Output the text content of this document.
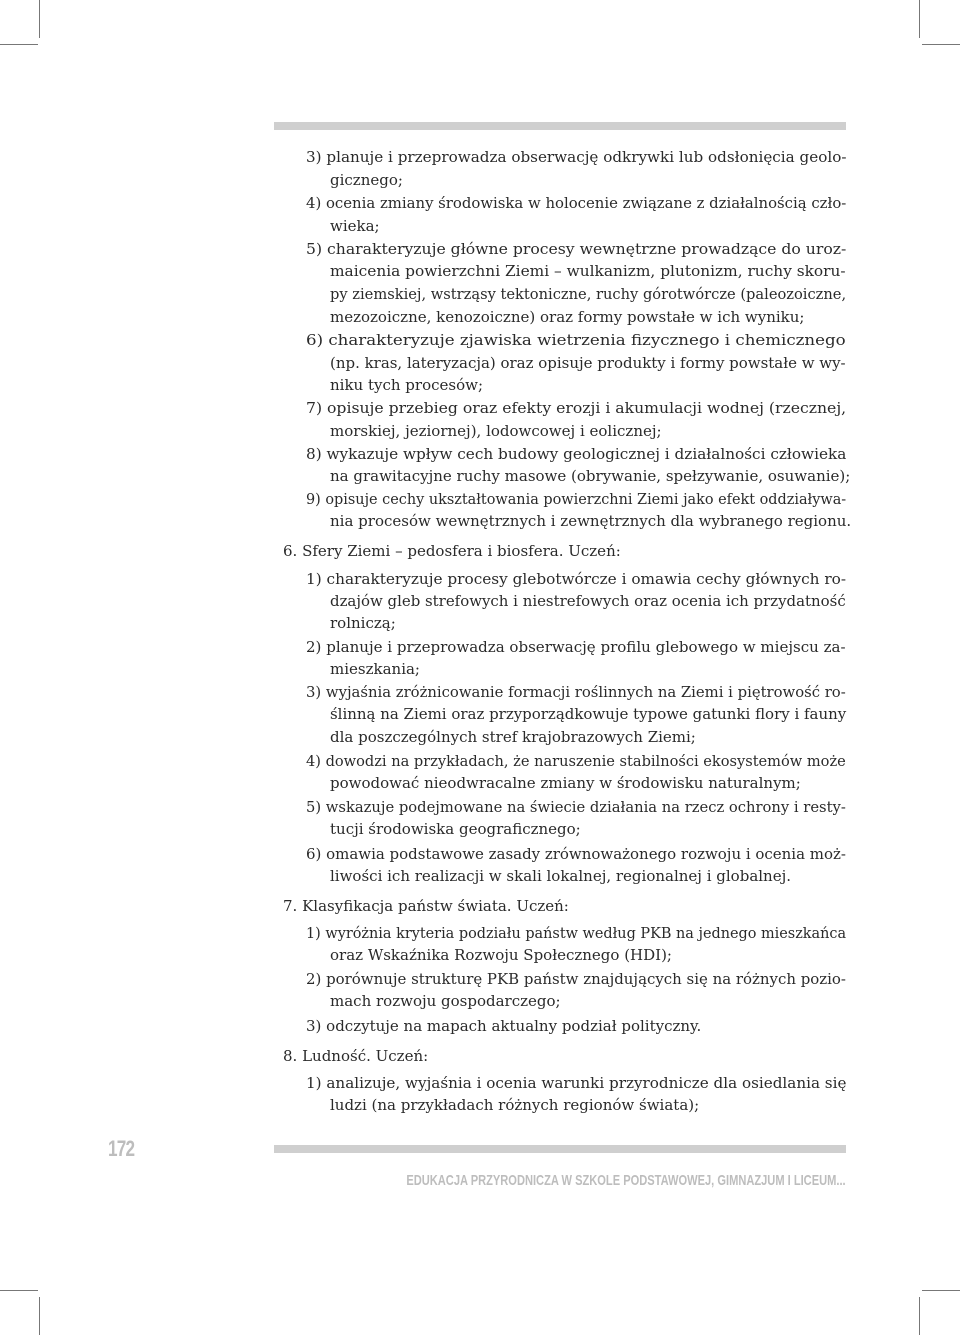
3) planuje i przeprowadza obserwację odkrywki lub odsłonięcia geolo-
gicznego;
4) ocenia zmiany środowiska w holocenie związane z działalnością czło-
wieka;
5) charakteryzuje główne procesy wewnętrzne prowadzące do uroz-
maicenia powierzchni Ziemi – wulkanizm, plutonizm, ruchy skoru-
py ziemskiej, wstrząsy tektoniczne, ruchy górotwórcze (paleozoiczne,
mezozoiczne, kenozoiczne) oraz formy powstałe w ich wyniku;
6) charakteryzuje zjawiska wietrzenia fizycznego i chemicznego
(np. kras, lateryzacja) oraz opisuje produkty i formy powstałe w wy-
niku tych procesów;
7) opisuje przebieg oraz efekty erozji i akumulacji wodnej (rzecznej,
morskiej, jeziornej), lodowcowej i eolicznej;
8) wykazuje wpływ cech budowy geologicznej i działalności człowieka
na grawitacyjne ruchy masowe (obrywanie, spełzywanie, osuwanie);
9) opisuje cechy ukształtowania powierzchni Ziemi jako efekt oddziaływa-
nia procesów wewnętrznych i zewnętrznych dla wybranego regionu.
6. Sfery Ziemi – pedosfera i biosfera. Uczeń:
1) charakteryzuje procesy glebotwórcze i omawia cechy głównych ro-
dzajów gleb strefowych i niestrefowych oraz ocenia ich przydatność
rolniczą;
2) planuje i przeprowadza obserwację profilu glebowego w miejscu za-
mieszkania;
3) wyjaśnia zróżnicowanie formacji roślinnych na Ziemi i piętrowość ro-
ślinną na Ziemi oraz przyporządkowuje typowe gatunki flory i fauny
dla poszczególnych stref krajobrazowych Ziemi;
4) dowodzi na przykładach, że naruszenie stabilności ekosystemów może
powodować nieodwracalne zmiany w środowisku naturalnym;
5) wskazuje podejmowane na świecie działania na rzecz ochrony i resty-
tucji środowiska geograficznego;
6) omawia podstawowe zasady zrównoważonego rozwoju i ocenia moż-
liwości ich realizacji w skali lokalnej, regionalnej i globalnej.
7. Klasyfikacja państw świata. Uczeń:
1) wyróżnia kryteria podziału państw według PKB na jednego mieszkańca
oraz Wskaźnika Rozwoju Społecznego (HDI);
2) porównuje strukturę PKB państw znajdujących się na różnych pozio-
mach rozwoju gospodarczego;
3) odczytuje na mapach aktualny podział polityczny.
8. Ludność. Uczeń:
1) analizuje, wyjaśnia i ocenia warunki przyrodnicze dla osiedlania się
ludzi (na przykładach różnych regionów świata);
172
EDUKACJA PRZYRODNICZA W SZKOLE PODSTAWOWEJ, GIMNAZJUM I LICEUM...
